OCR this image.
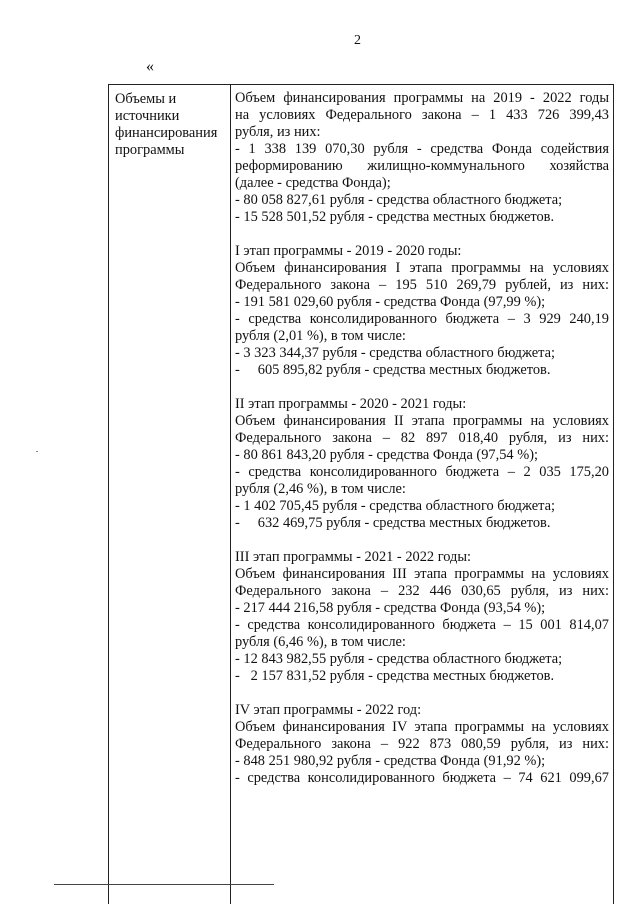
2
«
Объемы и
источники
финансирования
программы
Объем финансирования программы на 2019 - 2022 годы
на условиях Федерального закона – 1 433 726 399,43
рубля, из них:
- 1 338 139 070,30 рубля - средства Фонда содействия
реформированию жилищно-коммунального хозяйства
(далее - средства Фонда);
- 80 058 827,61 рубля - средства областного бюджета;
- 15 528 501,52 рубля - средства местных бюджетов.
I этап программы - 2019 - 2020 годы:
Объем финансирования I этапа программы на условиях
Федерального закона – 195 510 269,79 рублей, из них:
- 191 581 029,60 рубля - средства Фонда (97,99 %);
- средства консолидированного бюджета – 3 929 240,19
рубля (2,01 %), в том числе:
- 3 323 344,37 рубля - средства областного бюджета;
-     605 895,82 рубля - средства местных бюджетов.
II этап программы - 2020 - 2021 годы:
Объем финансирования II этапа программы на условиях
Федерального закона – 82 897 018,40 рубля, из них:
- 80 861 843,20 рубля - средства Фонда (97,54 %);
- средства консолидированного бюджета – 2 035 175,20
рубля (2,46 %), в том числе:
- 1 402 705,45 рубля - средства областного бюджета;
-     632 469,75 рубля - средства местных бюджетов.
III этап программы - 2021 - 2022 годы:
Объем финансирования III этапа программы на условиях
Федерального закона – 232 446 030,65 рубля, из них:
- 217 444 216,58 рубля - средства Фонда (93,54 %);
- средства консолидированного бюджета – 15 001 814,07
рубля (6,46 %), в том числе:
- 12 843 982,55 рубля - средства областного бюджета;
-   2 157 831,52 рубля - средства местных бюджетов.
IV этап программы - 2022 год:
Объем финансирования IV этапа программы на условиях
Федерального закона – 922 873 080,59 рубля, из них:
- 848 251 980,92 рубля - средства Фонда (91,92 %);
- средства консолидированного бюджета – 74 621 099,67
